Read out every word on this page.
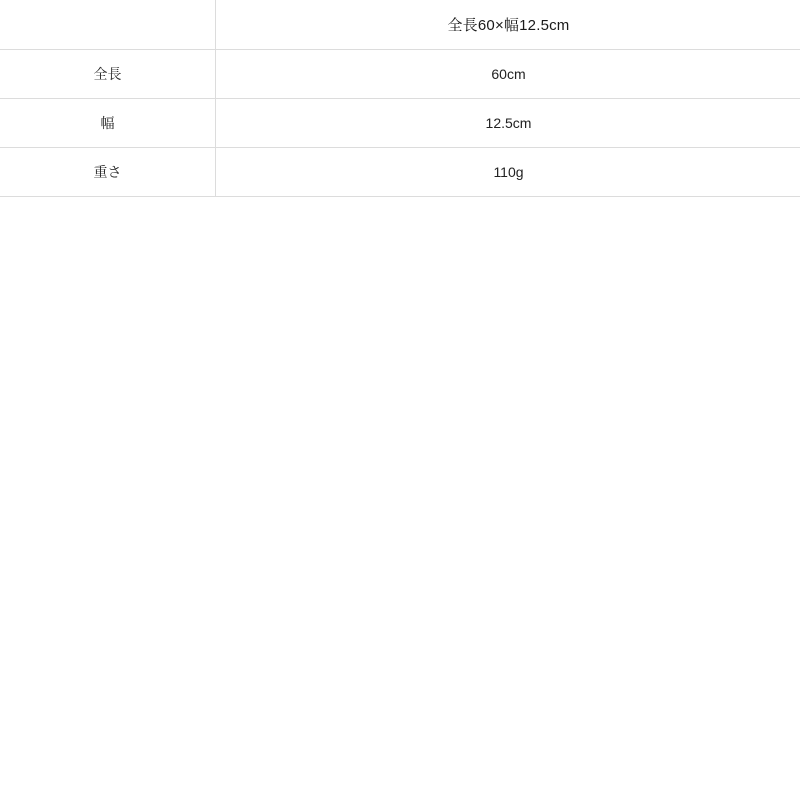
	全長60×幅12.5cm
全長	60cm
幅	12.5cm
重さ	110g
